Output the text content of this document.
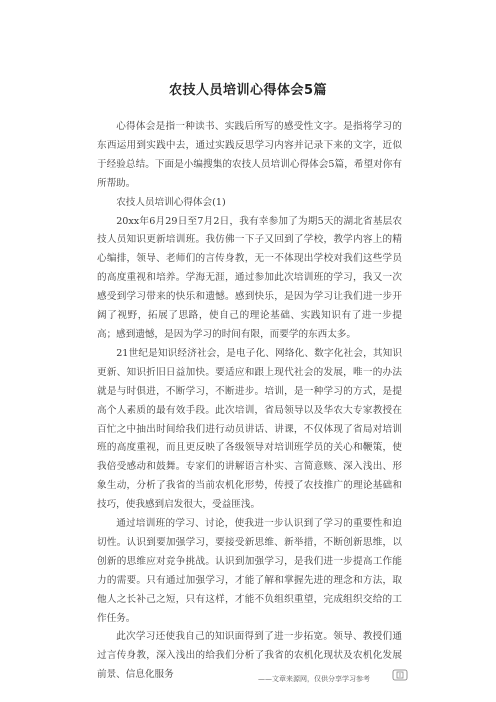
农技人员培训心得体会5篇

心得体会是指一种读书、实践后所写的感受性文字。是指将学习的东西运用到实践中去，通过实践反思学习内容并记录下来的文字，近似于经验总结。下面是小编搜集的农技人员培训心得体会5篇，希望对你有所帮助。

农技人员培训心得体会(1)

20xx年6月29日至7月2日，我有幸参加了为期5天的湖北省基层农技人员知识更新培训班。我仿佛一下子又回到了学校，教学内容上的精心编排，领导、老师们的言传身教，无一不体现出学校对我们这些学员的高度重视和培养。学海无涯，通过参加此次培训班的学习，我又一次感受到学习带来的快乐和遗憾。感到快乐，是因为学习让我们进一步开阔了视野，拓展了思路，使自己的理论基础、实践知识有了进一步提高；感到遗憾，是因为学习的时间有限，而要学的东西太多。

21世纪是知识经济社会，是电子化、网络化、数字化社会，其知识更新、知识折旧日益加快。要适应和跟上现代社会的发展，唯一的办法就是与时俱进，不断学习，不断进步。培训，是一种学习的方式，是提高个人素质的最有效手段。此次培训，省局领导以及华农大专家教授在百忙之中抽出时间给我们进行动员讲话、讲课，不仅体现了省局对培训班的高度重视，而且更反映了各级领导对培训班学员的关心和鞭策，使我倍受感动和鼓舞。专家们的讲解语言朴实、言简意赅、深入浅出、形象生动，分析了我省的当前农机化形势，传授了农技推广的理论基础和技巧，使我感到启发很大，受益匪浅。

通过培训班的学习、讨论，使我进一步认识到了学习的重要性和迫切性。认识到要加强学习，要接受新思维、新举措，不断创新思维，以创新的思维应对竞争挑战。认识到加强学习，是我们进一步提高工作能力的需要。只有通过加强学习，才能了解和掌握先进的理念和方法，取他人之长补己之短，只有这样，才能不负组织重望，完成组织交给的工作任务。

此次学习还使我自己的知识面得到了进一步拓宽。领导、教授们通过言传身教，深入浅出的给我们分析了我省的农机化现状及农机化发展前景、信息化服务	——文章来源网，仅供分享学习参考
